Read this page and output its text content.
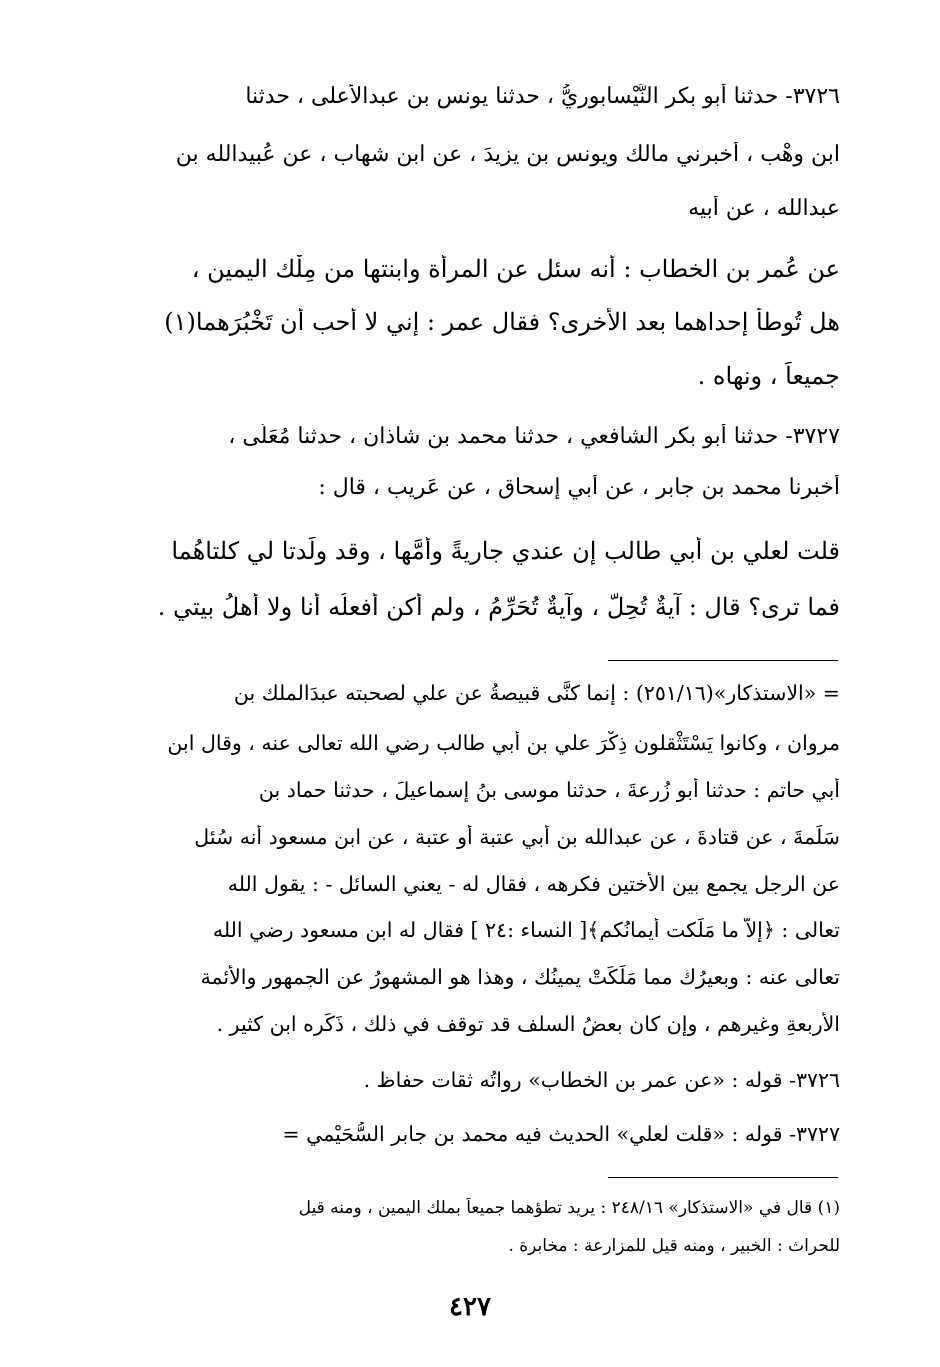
٣٧٢٦- حدثنا أبو بكر النَّيْسابوريُّ ، حدثنا يونس بن عبدالأعلى ، حدثنا
ابن وهْب ، أخبرني مالك ويونس بن يزيدَ ، عن ابن شهاب ، عن عُبيدالله بن
عبدالله ، عن أبيه
عن عُمر بن الخطاب : أنه سئل عن المرأة وابنتها من مِلْك اليمين ،
هل تُوطأ إحداهما بعد الأخرى؟ فقال عمر : إني لا أحب أن تَخْبُرَهما(١)
جميعاً ، ونهاه .
٣٧٢٧- حدثنا أبو بكر الشافعي ، حدثنا محمد بن شاذان ، حدثنا مُعَلَّى ،
أخبرنا محمد بن جابر ، عن أبي إسحاق ، عن عَريب ، قال :
قلت لعلي بن أبي طالب إن عندي جاريةً وأمَّها ، وقد ولَدتا لي كلتاهُما
فما ترى؟ قال : آيةٌ تُحِلّ ، وآيةٌ تُحَرِّمُ ، ولم أكن أفعلُه أنا ولا أهلُ بيتي .
= «الاستذكار»(٢٥١/١٦) : إنما كنَّى قبيصةُ عن علي لصحبته عبدَالملك بن
مروان ، وكانوا يَسْتَثْقلون ذِكْرَ علي بن أبي طالب رضي الله تعالى عنه ، وقال ابن
أبي حاتم : حدثنا أبو زُرعةَ ، حدثنا موسى بنُ إسماعيلَ ، حدثنا حماد بن
سَلَمةَ ، عن قتادةَ ، عن عبدالله بن أبي عتبة أو عتبة ، عن ابن مسعود أنه سُئل
عن الرجل يجمع بين الأُختين فكرهه ، فقال له - يعني السائل - : يقول الله
تعالى : ﴿إلاّ ما مَلَكت أيمانُكم﴾[ النساء :٢٤ ] فقال له ابن مسعود رضي الله
تعالى عنه : وبعيرُك مما مَلَكَتْ يمينُك ، وهذا هو المشهورُ عن الجمهور والأئمة
الأربعةِ وغيرِهم ، وإن كان بعضُ السلف قد توقف في ذلك ، ذَكَره ابن كثير .
٣٧٢٦- قوله : «عن عمر بن الخطاب» رواتُه ثقات حفاظ .
٣٧٢٧- قوله : «قلت لعلي» الحديث فيه محمد بن جابر السُّحَيْمي =
(١) قال في «الاستذكار» ٢٤٨/١٦ : يريد تطؤهما جميعاً بملك اليمين ، ومنه قيل
للحراث : الخبير ، ومنه قيل للمزارعة : مخابرة .
٤٢٧
